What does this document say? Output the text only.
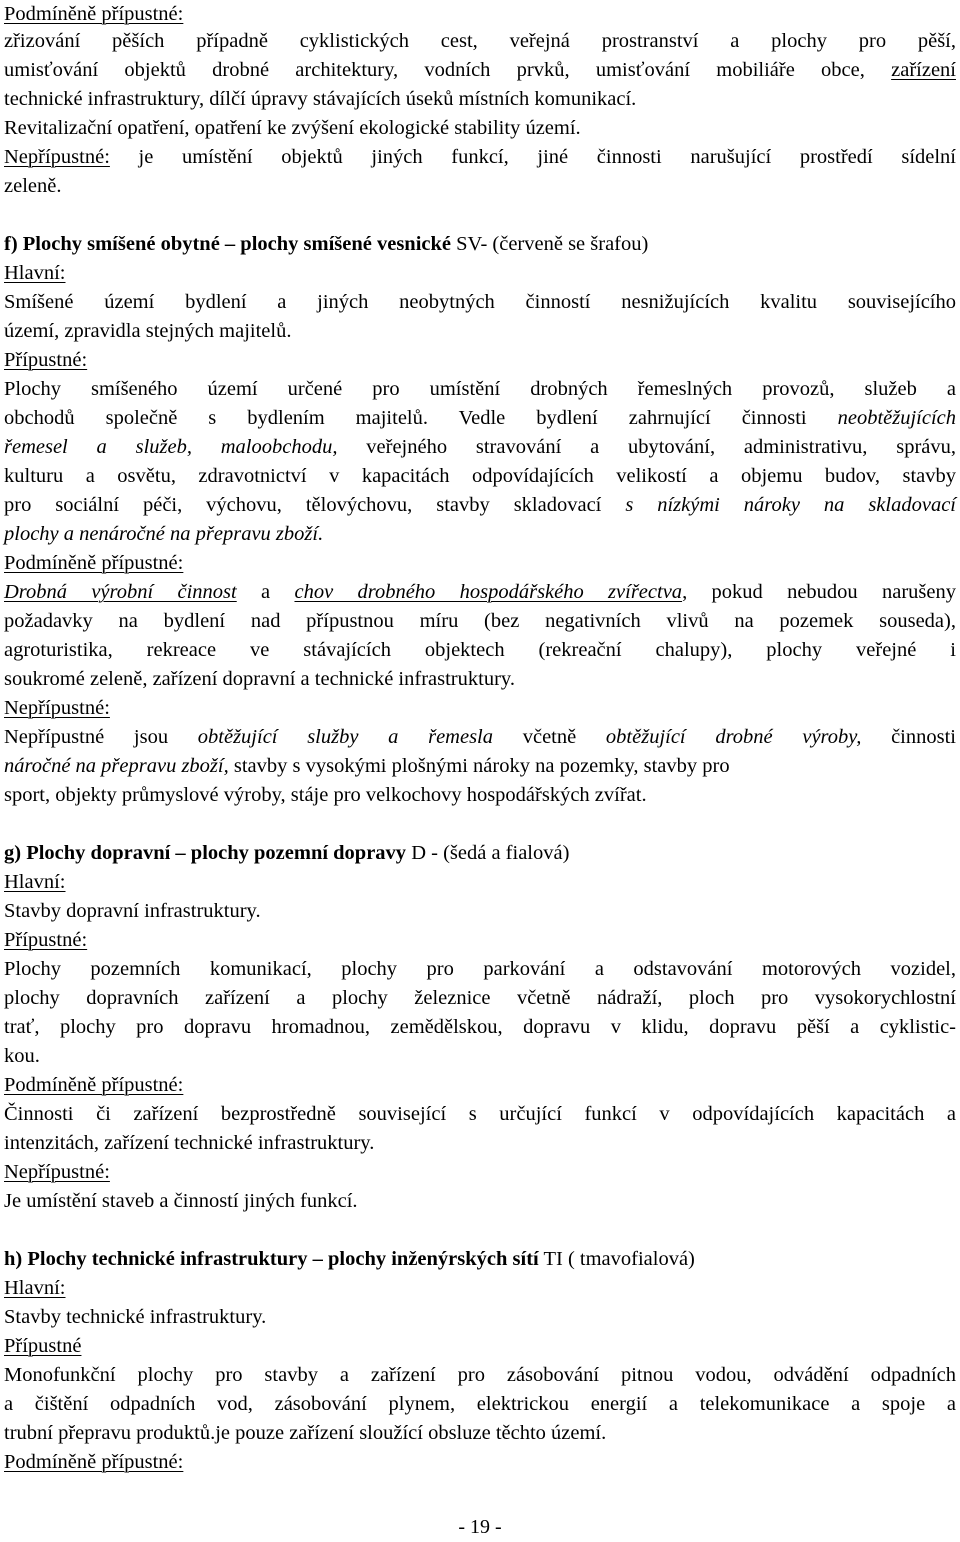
Podmíněně přípustné:
zřizování pěších případně cyklistických cest, veřejná prostranství a plochy pro pěší,
umisťování objektů drobné architektury, vodních prvků, umisťování mobiliáře obce, zařízení
technické infrastruktury, dílčí úpravy stávajících úseků místních komunikací.
Revitalizační opatření, opatření ke zvýšení ekologické stability území.
Nepřípustné: je umístění objektů jiných funkcí, jiné činnosti narušující prostředí sídelní
zeleně.
f) Plochy smíšené obytné – plochy smíšené vesnické SV- (červeně se šrafou)
Hlavní:
Smíšené území bydlení a jiných neobytných činností nesnižujících kvalitu souvisejícího
území, zpravidla stejných majitelů.
Přípustné:
Plochy smíšeného území určené pro umístění drobných řemeslných provozů, služeb a
obchodů společně s bydlením majitelů. Vedle bydlení zahrnující činnosti neobtěžujících
řemesel a služeb, maloobchodu, veřejného stravování a ubytování, administrativu, správu,
kulturu a osvětu, zdravotnictví v kapacitách odpovídajících velikostí a objemu budov, stavby
pro sociální péči, výchovu, tělovýchovu, stavby skladovací s nízkými nároky na skladovací
plochy a nenáročné na přepravu zboží.
Podmíněně přípustné:
Drobná výrobní činnost a chov drobného hospodářského zvířectva, pokud nebudou narušeny
požadavky na bydlení nad přípustnou míru (bez negativních vlivů na pozemek souseda),
agroturistika, rekreace ve stávajících objektech (rekreační chalupy), plochy veřejné i
soukromé zeleně, zařízení dopravní a technické infrastruktury.
Nepřípustné:
Nepřípustné jsou obtěžující služby a řemesla včetně obtěžující drobné výroby, činnosti
náročné na přepravu zboží, stavby s vysokými plošnými nároky na pozemky, stavby pro
sport, objekty průmyslové výroby, stáje pro velkochovy hospodářských zvířat.
g) Plochy dopravní – plochy pozemní dopravy D - (šedá a fialová)
Hlavní:
Stavby dopravní infrastruktury.
Přípustné:
Plochy pozemních komunikací, plochy pro parkování a odstavování motorových vozidel,
plochy dopravních zařízení a plochy železnice včetně nádraží, ploch pro vysokorychlostní
trať, plochy pro dopravu hromadnou, zemědělskou, dopravu v klidu, dopravu pěší a cyklistic-
kou.
Podmíněně přípustné:
Činnosti či zařízení bezprostředně související s určující funkcí v odpovídajících kapacitách a
intenzitách, zařízení technické infrastruktury.
Nepřípustné:
Je umístění staveb a činností jiných funkcí.
h) Plochy technické infrastruktury – plochy inženýrských sítí TI ( tmavofialová)
Hlavní:
Stavby technické infrastruktury.
Přípustné
Monofunkční plochy pro stavby a zařízení pro zásobování pitnou vodou, odvádění odpadních
a čištění odpadních vod, zásobování plynem, elektrickou energií a telekomunikace a spoje a
trubní přepravu produktů.je pouze zařízení sloužící obsluze těchto území.
Podmíněně přípustné:
- 19 -
